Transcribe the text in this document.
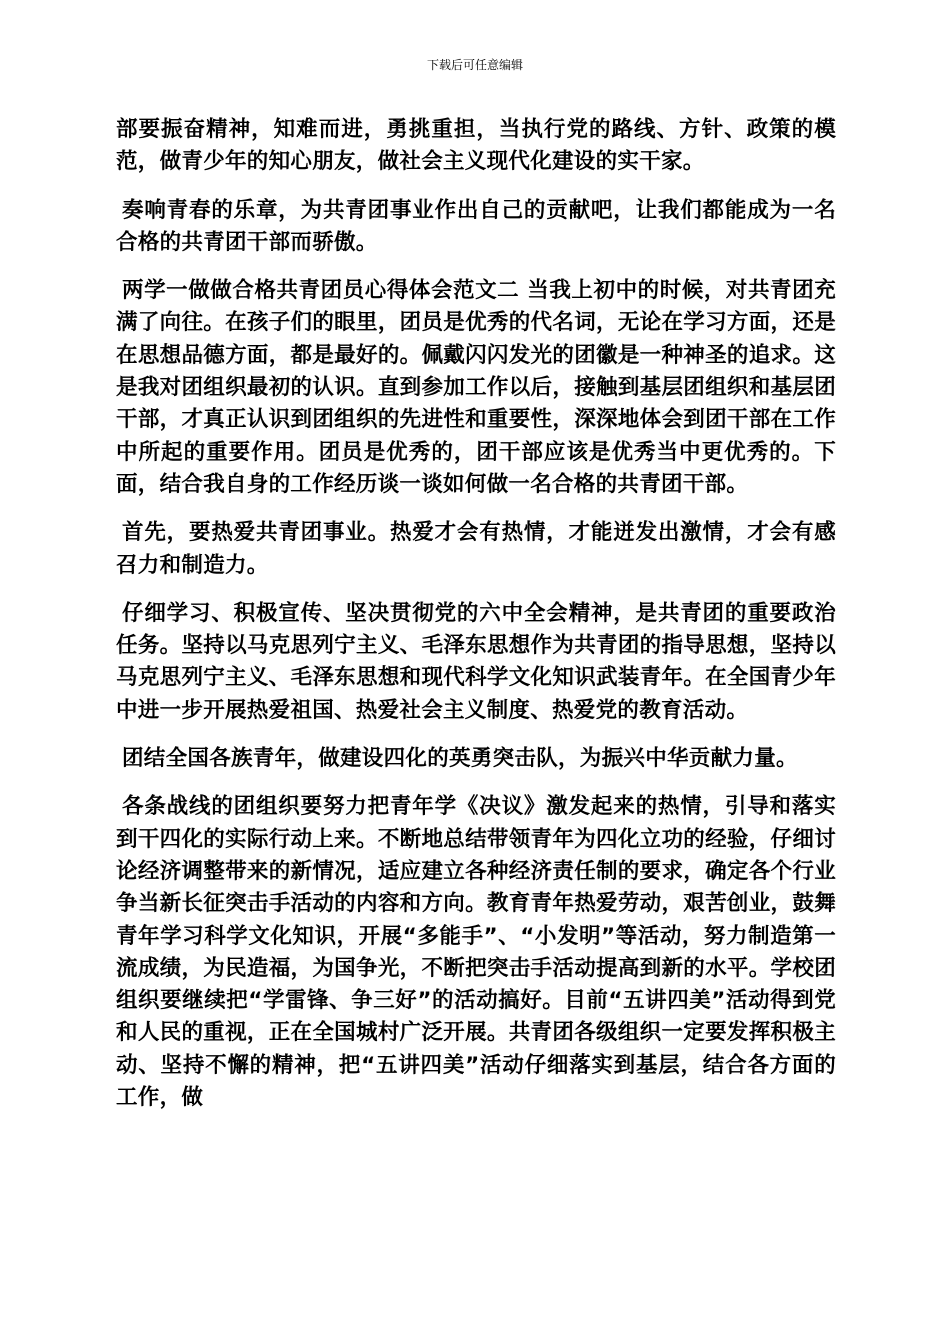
下载后可任意编辑

部要振奋精神，知难而进，勇挑重担，当执行党的路线、方针、政策的模范，做青少年的知心朋友，做社会主义现代化建设的实干家。

奏响青春的乐章，为共青团事业作出自己的贡献吧，让我们都能成为一名合格的共青团干部而骄傲。

两学一做做合格共青团员心得体会范文二 当我上初中的时候，对共青团充满了向往。在孩子们的眼里，团员是优秀的代名词，无论在学习方面，还是在思想品德方面，都是最好的。佩戴闪闪发光的团徽是一种神圣的追求。这是我对团组织最初的认识。直到参加工作以后，接触到基层团组织和基层团干部，才真正认识到团组织的先进性和重要性，深深地体会到团干部在工作中所起的重要作用。团员是优秀的，团干部应该是优秀当中更优秀的。下面，结合我自身的工作经历谈一谈如何做一名合格的共青团干部。

首先，要热爱共青团事业。热爱才会有热情，才能迸发出激情，才会有感召力和制造力。

仔细学习、积极宣传、坚决贯彻党的六中全会精神，是共青团的重要政治任务。坚持以马克思列宁主义、毛泽东思想作为共青团的指导思想，坚持以马克思列宁主义、毛泽东思想和现代科学文化知识武装青年。在全国青少年中进一步开展热爱祖国、热爱社会主义制度、热爱党的教育活动。

团结全国各族青年，做建设四化的英勇突击队，为振兴中华贡献力量。

各条战线的团组织要努力把青年学《决议》激发起来的热情，引导和落实到干四化的实际行动上来。不断地总结带领青年为四化立功的经验，仔细讨论经济调整带来的新情况，适应建立各种经济责任制的要求，确定各个行业争当新长征突击手活动的内容和方向。教育青年热爱劳动，艰苦创业，鼓舞青年学习科学文化知识，开展“多能手”、“小发明”等活动，努力制造第一流成绩，为民造福，为国争光，不断把突击手活动提高到新的水平。学校团组织要继续把“学雷锋、争三好”的活动搞好。目前“五讲四美”活动得到党和人民的重视，正在全国城村广泛开展。共青团各级组织一定要发挥积极主动、坚持不懈的精神，把“五讲四美”活动仔细落实到基层，结合各方面的工作，做
